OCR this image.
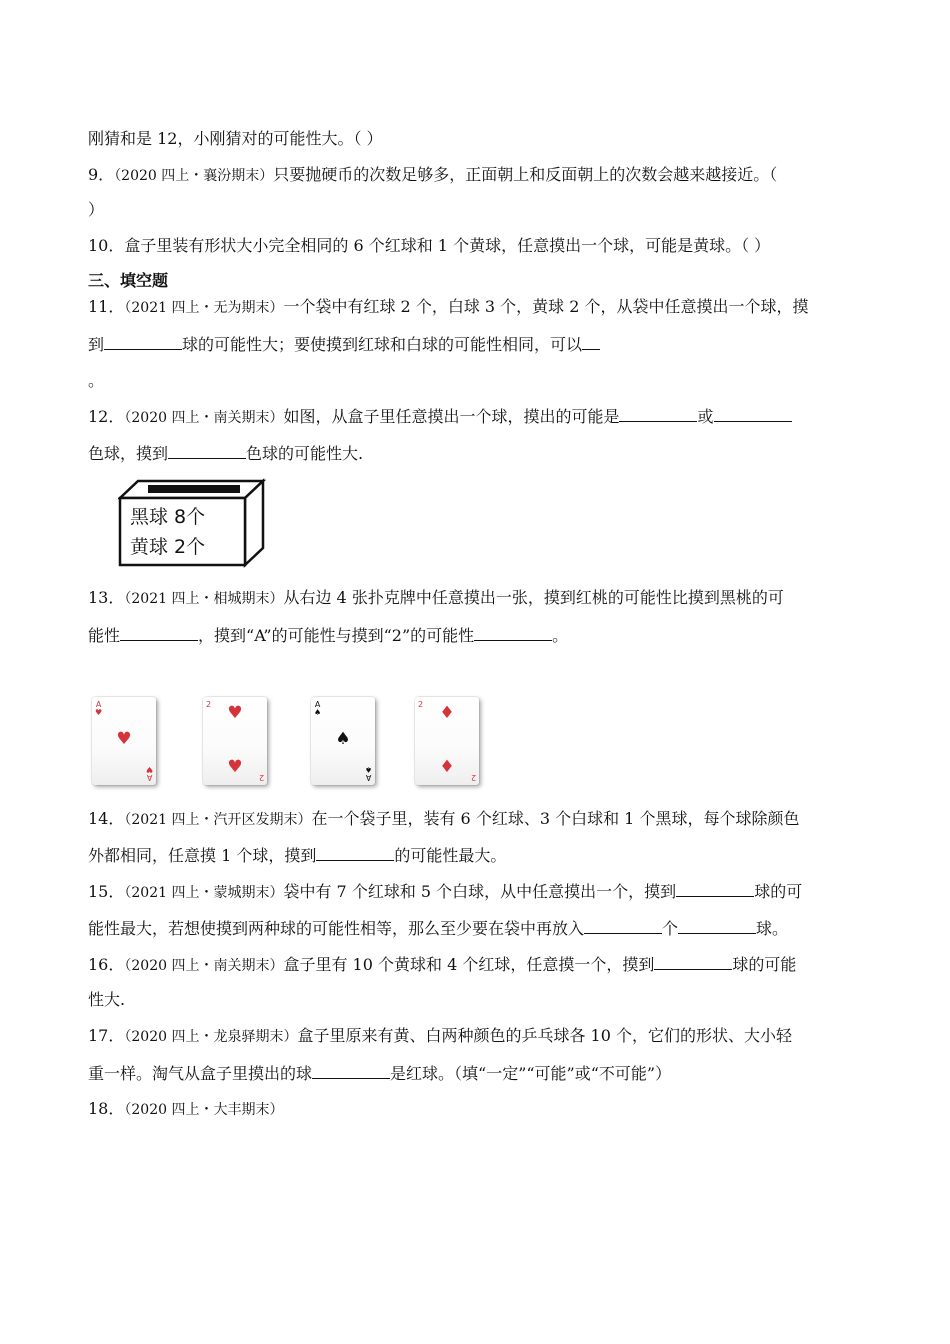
刚猜和是 12，小刚猜对的可能性大。（ ）
9．（2020 四上・襄汾期末）只要抛硬币的次数足够多，正面朝上和反面朝上的次数会越来越接近。（
）
10．盒子里装有形状大小完全相同的 6 个红球和 1 个黄球，任意摸出一个球，可能是黄球。（ ）
三、填空题
11．（2021 四上・无为期末）一个袋中有红球 2 个，白球 3 个，黄球 2 个，从袋中任意摸出一个球，摸
到	球的可能性大；要使摸到红球和白球的可能性相同，可以
。
12．（2020 四上・南关期末）如图，从盒子里任意摸出一个球，摸出的可能是	或
色球，摸到	色球的可能性大.
黑球 8个
黄球 2个
13．（2021 四上・相城期末）从右边 4 张扑克牌中任意摸出一张，摸到红桃的可能性比摸到黑桃的可
能性	，摸到“A”的可能性与摸到“2”的可能性	。
A
♥
♥
A
♥
2 ♥
♥
2
A
♠
♠
A
♠
2 ♦
♦
2
14．（2021 四上・汽开区发期末）在一个袋子里，装有 6 个红球、3 个白球和 1 个黑球，每个球除颜色
外都相同，任意摸 1 个球，摸到	的可能性最大。
15．（2021 四上・蒙城期末）袋中有 7 个红球和 5 个白球，从中任意摸出一个，摸到	球的可
能性最大，若想使摸到两种球的可能性相等，那么至少要在袋中再放入	个	球。
16．（2020 四上・南关期末）盒子里有 10 个黄球和 4 个红球，任意摸一个，摸到	球的可能
性大.
17．（2020 四上・龙泉驿期末）盒子里原来有黄、白两种颜色的乒乓球各 10 个，它们的形状、大小轻
重一样。淘气从盒子里摸出的球	是红球。（填“一定”“可能”或“不可能”）
18．（2020 四上・大丰期末）
